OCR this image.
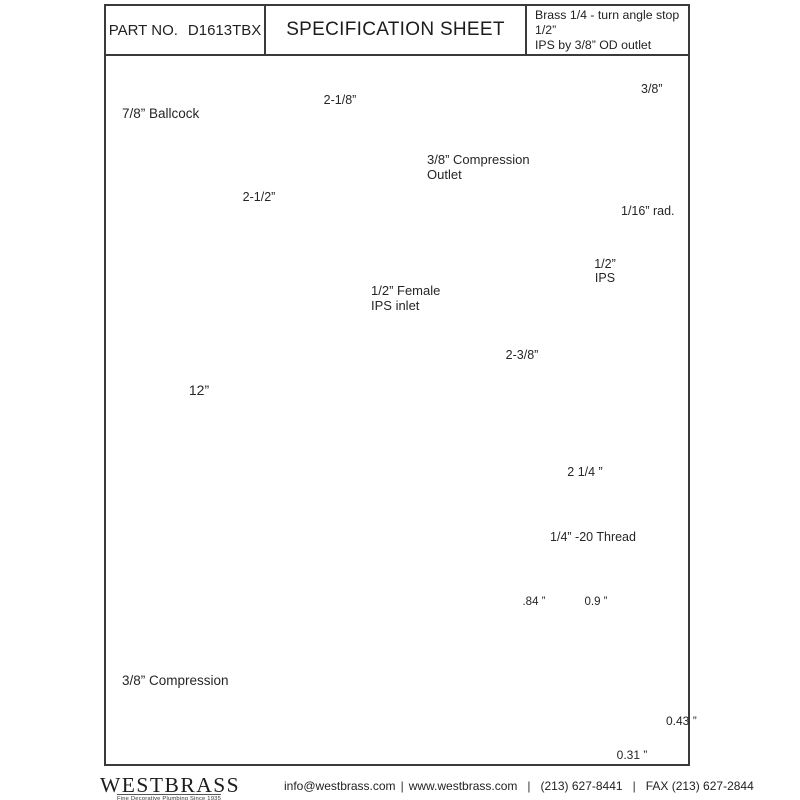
PART NO. D1613TBX SPECIFICATION SHEET
Brass 1/4 - turn angle stop 1/2”
IPS by 3/8” OD outlet
7/8” Ballcock
12”
3/8” Compression
2-1/8”
2-1/2”
3/8” Compression
Outlet
1/2” Female
IPS inlet
3/8”
1/16” rad.
1/2”
IPS
2-3/8”
2 1/4 ”
1/4” -20 Thread
.84 ”	0.9 ”
0.43 ”
0.31 ”
WESTBRASS
Fine Decorative Plumbing Since 1935
info@westbrass.com | www.westbrass.com | (213) 627-8441 | FAX (213) 627-2844
